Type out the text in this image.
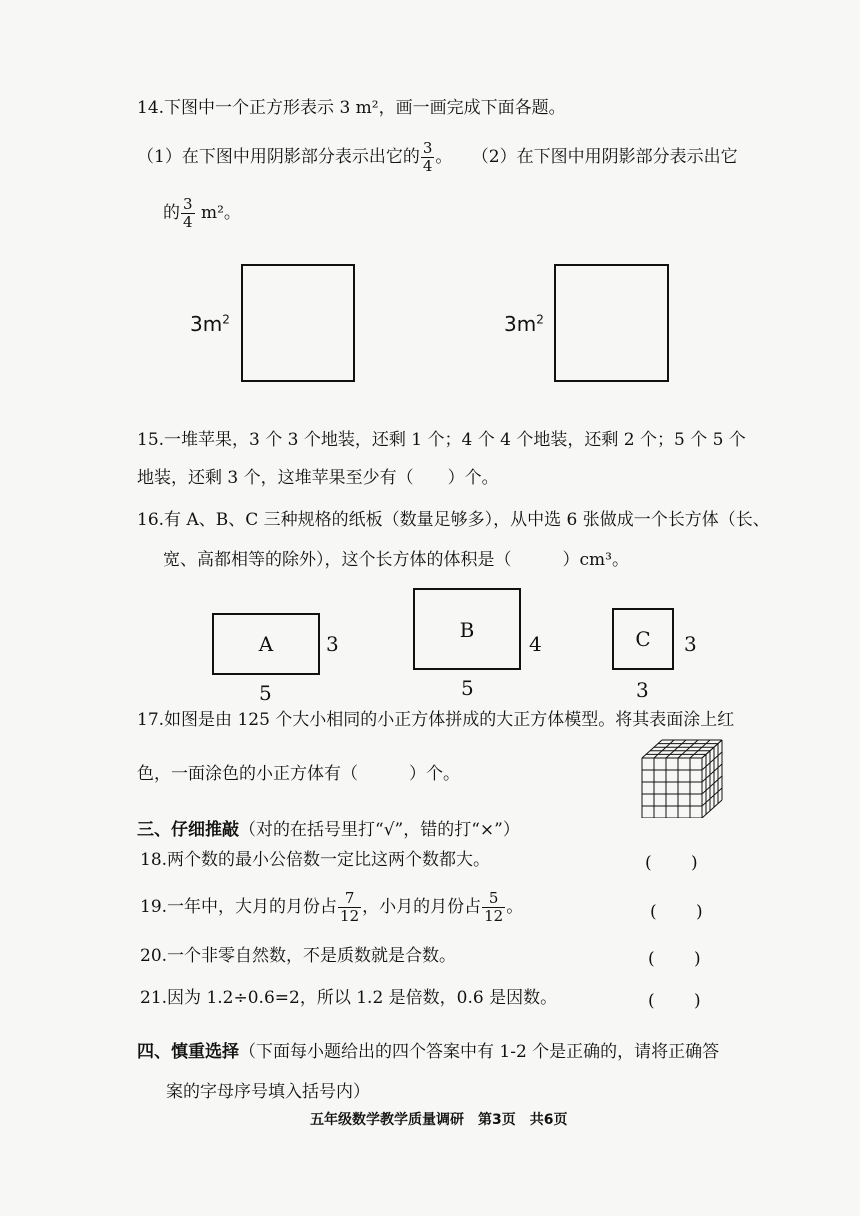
14.下图中一个正方形表示 3 m²，画一画完成下面各题。
（1）在下图中用阴影部分表示出它的 $\frac{3}{4}$ 。 （2）在下图中用阴影部分表示出它
的 $\frac{3}{4} m^2$。
$3m^2$	$3m^2$
15.一堆苹果，3 个 3 个地装，还剩 1 个；4 个 4 个地装，还剩 2 个；5 个 5 个
地装，还剩 3 个，这堆苹果至少有（　　）个。
16.有 A、B、C 三种规格的纸板（数量足够多），从中选 6 张做成一个长方体（长、
宽、高都相等的除外），这个长方体的体积是（　　　）cm³。
A	3
5
B
4
5
C	3
3
17.如图是由 125 个大小相同的小正方体拼成的大正方体模型。将其表面涂上红
色，一面涂色的小正方体有（　　　）个。
三、仔细推敲（对的在括号里打“√”，错的打“×”）
18.两个数的最小公倍数一定比这两个数都大。	(　　 )
19.一年中，大月的月份占 $\frac{7}{12}$ ，小月的月份占 $\frac{5}{12}$ 。	(　　 )
20.一个非零自然数，不是质数就是合数。	(　　 )
21.因为 1.2÷0.6=2，所以 1.2 是倍数，0.6 是因数。	(　　 )
四、慎重选择（下面每小题给出的四个答案中有 1-2 个是正确的，请将正确答
案的字母序号填入括号内）
五年级数学教学质量调研　第3页　共6页
